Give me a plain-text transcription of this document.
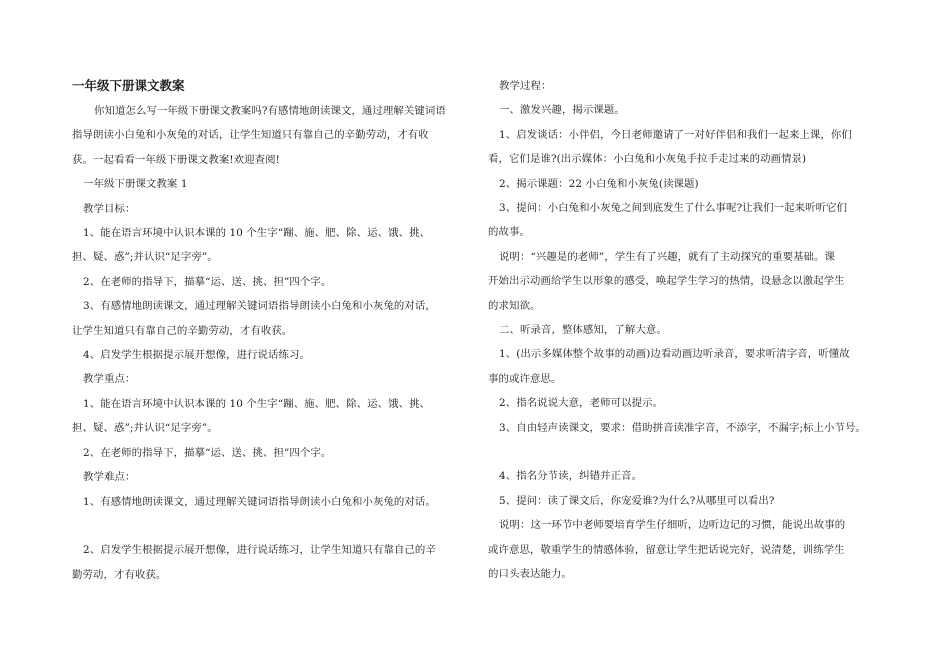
一年级下册课文教案

你知道怎么写一年级下册课文教案吗?有感情地朗读课文，通过理解关键词语

指导朗读小白兔和小灰兔的对话，让学生知道只有靠自己的辛勤劳动，才有收

获。一起看看一年级下册课文教案!欢迎查阅!

一年级下册课文教案 1

教学目标：

1、能在语言环境中认识本课的 10 个生字“蹦、施、肥、除、运、饿、挑、

担、疑、惑”;并认识“足字旁”。

2、在老师的指导下，描摹“运、送、挑、担”四个字。

3、有感情地朗读课文，通过理解关键词语指导朗读小白兔和小灰兔的对话，

让学生知道只有靠自己的辛勤劳动，才有收获。

4、启发学生根据提示展开想像，进行说话练习。

教学重点：

1、能在语言环境中认识本课的 10 个生字“蹦、施、肥、除、运、饿、挑、

担、疑、惑”;并认识“足字旁”。

2、在老师的指导下，描摹“运、送、挑、担”四个字。

教学难点：

1、有感情地朗读课文，通过理解关键词语指导朗读小白兔和小灰兔的对话。

2、启发学生根据提示展开想像，进行说话练习，让学生知道只有靠自己的辛

勤劳动，才有收获。

教学过程：

一、激发兴趣，揭示课题。

1、启发谈话：小伴侣，今日老师邀请了一对好伴侣和我们一起来上课，你们

看，它们是谁?(出示媒体：小白兔和小灰兔手拉手走过来的动画情景)

2、揭示课题：22 小白兔和小灰兔(读课题)

3、提问：小白兔和小灰兔之间到底发生了什么事呢?让我们一起来听听它们

的故事。

说明：“兴趣是的老师”，学生有了兴趣，就有了主动探究的重要基础。课

开始出示动画给学生以形象的感受，唤起学生学习的热情，设悬念以激起学生

的求知欲。

二、听录音，整体感知，了解大意。

1、(出示多媒体整个故事的动画)边看动画边听录音，要求听清字音，听懂故

事的或许意思。

2、指名说说大意，老师可以提示。

3、自由轻声读课文，要求：借助拼音读准字音，不添字，不漏字;标上小节号。

4、指名分节读，纠错并正音。

5、提问：读了课文后，你宠爱谁?为什么?从哪里可以看出?

说明：这一环节中老师要培育学生仔细听，边听边记的习惯，能说出故事的

或许意思，敬重学生的情感体验，留意让学生把话说完好，说清楚，训练学生

的口头表达能力。
